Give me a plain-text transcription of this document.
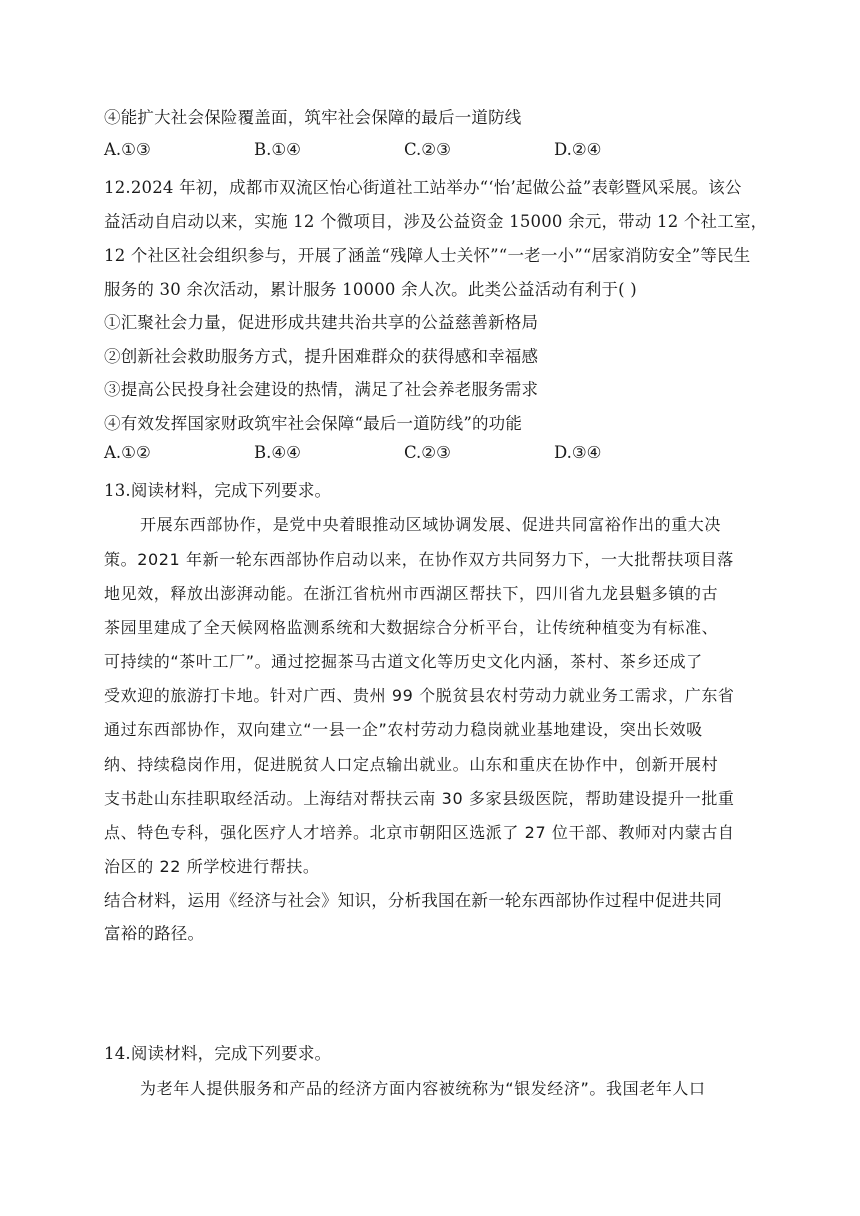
④能扩大社会保险覆盖面，筑牢社会保障的最后一道防线
A.①③	B.①④	C.②③	D.②④
12.2024 年初，成都市双流区怡心街道社工站举办“‘怡’起做公益”表彰暨风采展。该公
益活动自启动以来，实施 12 个微项目，涉及公益资金 15000 余元，带动 12 个社工室，
12 个社区社会组织参与，开展了涵盖“残障人士关怀”“一老一小”“居家消防安全”等民生
服务的 30 余次活动，累计服务 10000 余人次。此类公益活动有利于( )
①汇聚社会力量，促进形成共建共治共享的公益慈善新格局
②创新社会救助服务方式，提升困难群众的获得感和幸福感
③提高公民投身社会建设的热情，满足了社会养老服务需求
④有效发挥国家财政筑牢社会保障“最后一道防线”的功能
A.①②	B.④④	C.②③	D.③④
13.阅读材料，完成下列要求。
开展东西部协作，是党中央着眼推动区域协调发展、促进共同富裕作出的重大决
策。2021 年新一轮东西部协作启动以来，在协作双方共同努力下，一大批帮扶项目落
地见效，释放出澎湃动能。在浙江省杭州市西湖区帮扶下，四川省九龙县魁多镇的古
茶园里建成了全天候网格监测系统和大数据综合分析平台，让传统种植变为有标准、
可持续的“茶叶工厂”。通过挖掘茶马古道文化等历史文化内涵，茶村、茶乡还成了
受欢迎的旅游打卡地。针对广西、贵州 99 个脱贫县农村劳动力就业务工需求，广东省
通过东西部协作，双向建立“一县一企”农村劳动力稳岗就业基地建设，突出长效吸
纳、持续稳岗作用，促进脱贫人口定点输出就业。山东和重庆在协作中，创新开展村
支书赴山东挂职取经活动。上海结对帮扶云南 30 多家县级医院，帮助建设提升一批重
点、特色专科，强化医疗人才培养。北京市朝阳区选派了 27 位干部、教师对内蒙古自
治区的 22 所学校进行帮扶。
结合材料，运用《经济与社会》知识，分析我国在新一轮东西部协作过程中促进共同
富裕的路径。
14.阅读材料，完成下列要求。
为老年人提供服务和产品的经济方面内容被统称为“银发经济”。我国老年人口
